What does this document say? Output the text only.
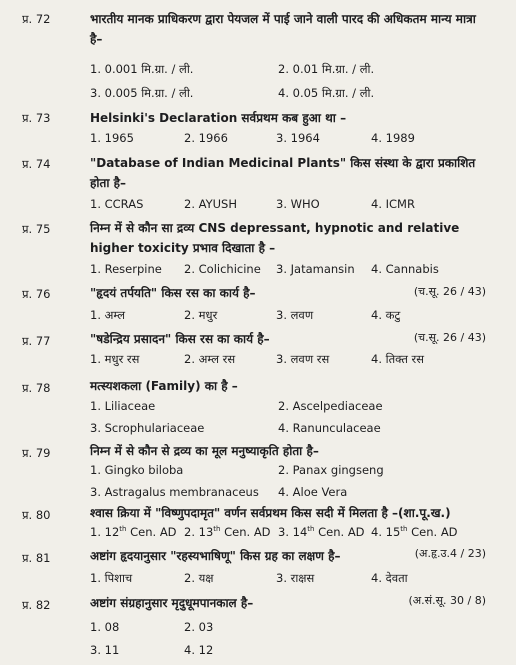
प्र. 72	भारतीय मानक प्राधिकरण द्वारा पेयजल में पाई जाने वाली पारद की अधिकतम मान्य मात्रा है–
1. 0.001 मि.ग्रा. / ली.	2. 0.01 मि.ग्रा. / ली.
3. 0.005 मि.ग्रा. / ली.	4. 0.05 मि.ग्रा. / ली.
प्र. 73	Helsinki's Declaration सर्वप्रथम कब हुआ था –
1. 1965	2. 1966	3. 1964	4. 1989
प्र. 74	"Database of Indian Medicinal Plants" किस संस्था के द्वारा प्रकाशित होता है–
1. CCRAS	2. AYUSH	3. WHO	4. ICMR
प्र. 75	निम्न में से कौन सा द्रव्य CNS depressant, hypnotic and relative higher toxicity प्रभाव दिखाता है –
1. Reserpine 2. Colichicine 3. Jatamansin 4. Cannabis
प्र. 76	"हृदयं तर्पयति" किस रस का कार्य है–	(च.सू. 26 / 43)
1. अम्ल	2. मधुर	3. लवण	4. कटु
प्र. 77	"षडेन्द्रिय प्रसादन" किस रस का कार्य है–	(च.सू. 26 / 43)
1. मधुर रस	2. अम्ल रस	3. लवण रस	4. तिक्त रस
प्र. 78	मत्स्यशकला (Family) का है –
1. Liliaceae	2. Ascelpediaceae
3. Scrophulariaceae	4. Ranunculaceae
प्र. 79	निम्न में से कौन से द्रव्य का मूल मनुष्याकृति होता है–
1. Gingko biloba	2. Panax gingseng
3. Astragalus membranaceus 4. Aloe Vera
प्र. 80	श्वास क्रिया में "विष्णुपदामृत" वर्णन सर्वप्रथम किस सदी में मिलता है –(शा.पू.ख.)
1. 12th Cen. AD 2. 13th Cen. AD 3. 14th Cen. AD 4. 15th Cen. AD
प्र. 81	अष्टांग हृदयानुसार "रहस्यभाषिणू" किस ग्रह का लक्षण है–	(अ.हृ.उ.4 / 23)
1. पिशाच	2. यक्ष	3. राक्षस	4. देवता
प्र. 82	अष्टांग संग्रहानुसार मृदुधूमपानकाल है–	(अ.सं.सू. 30 / 8)
1. 08	2. 03
3. 11	4. 12
